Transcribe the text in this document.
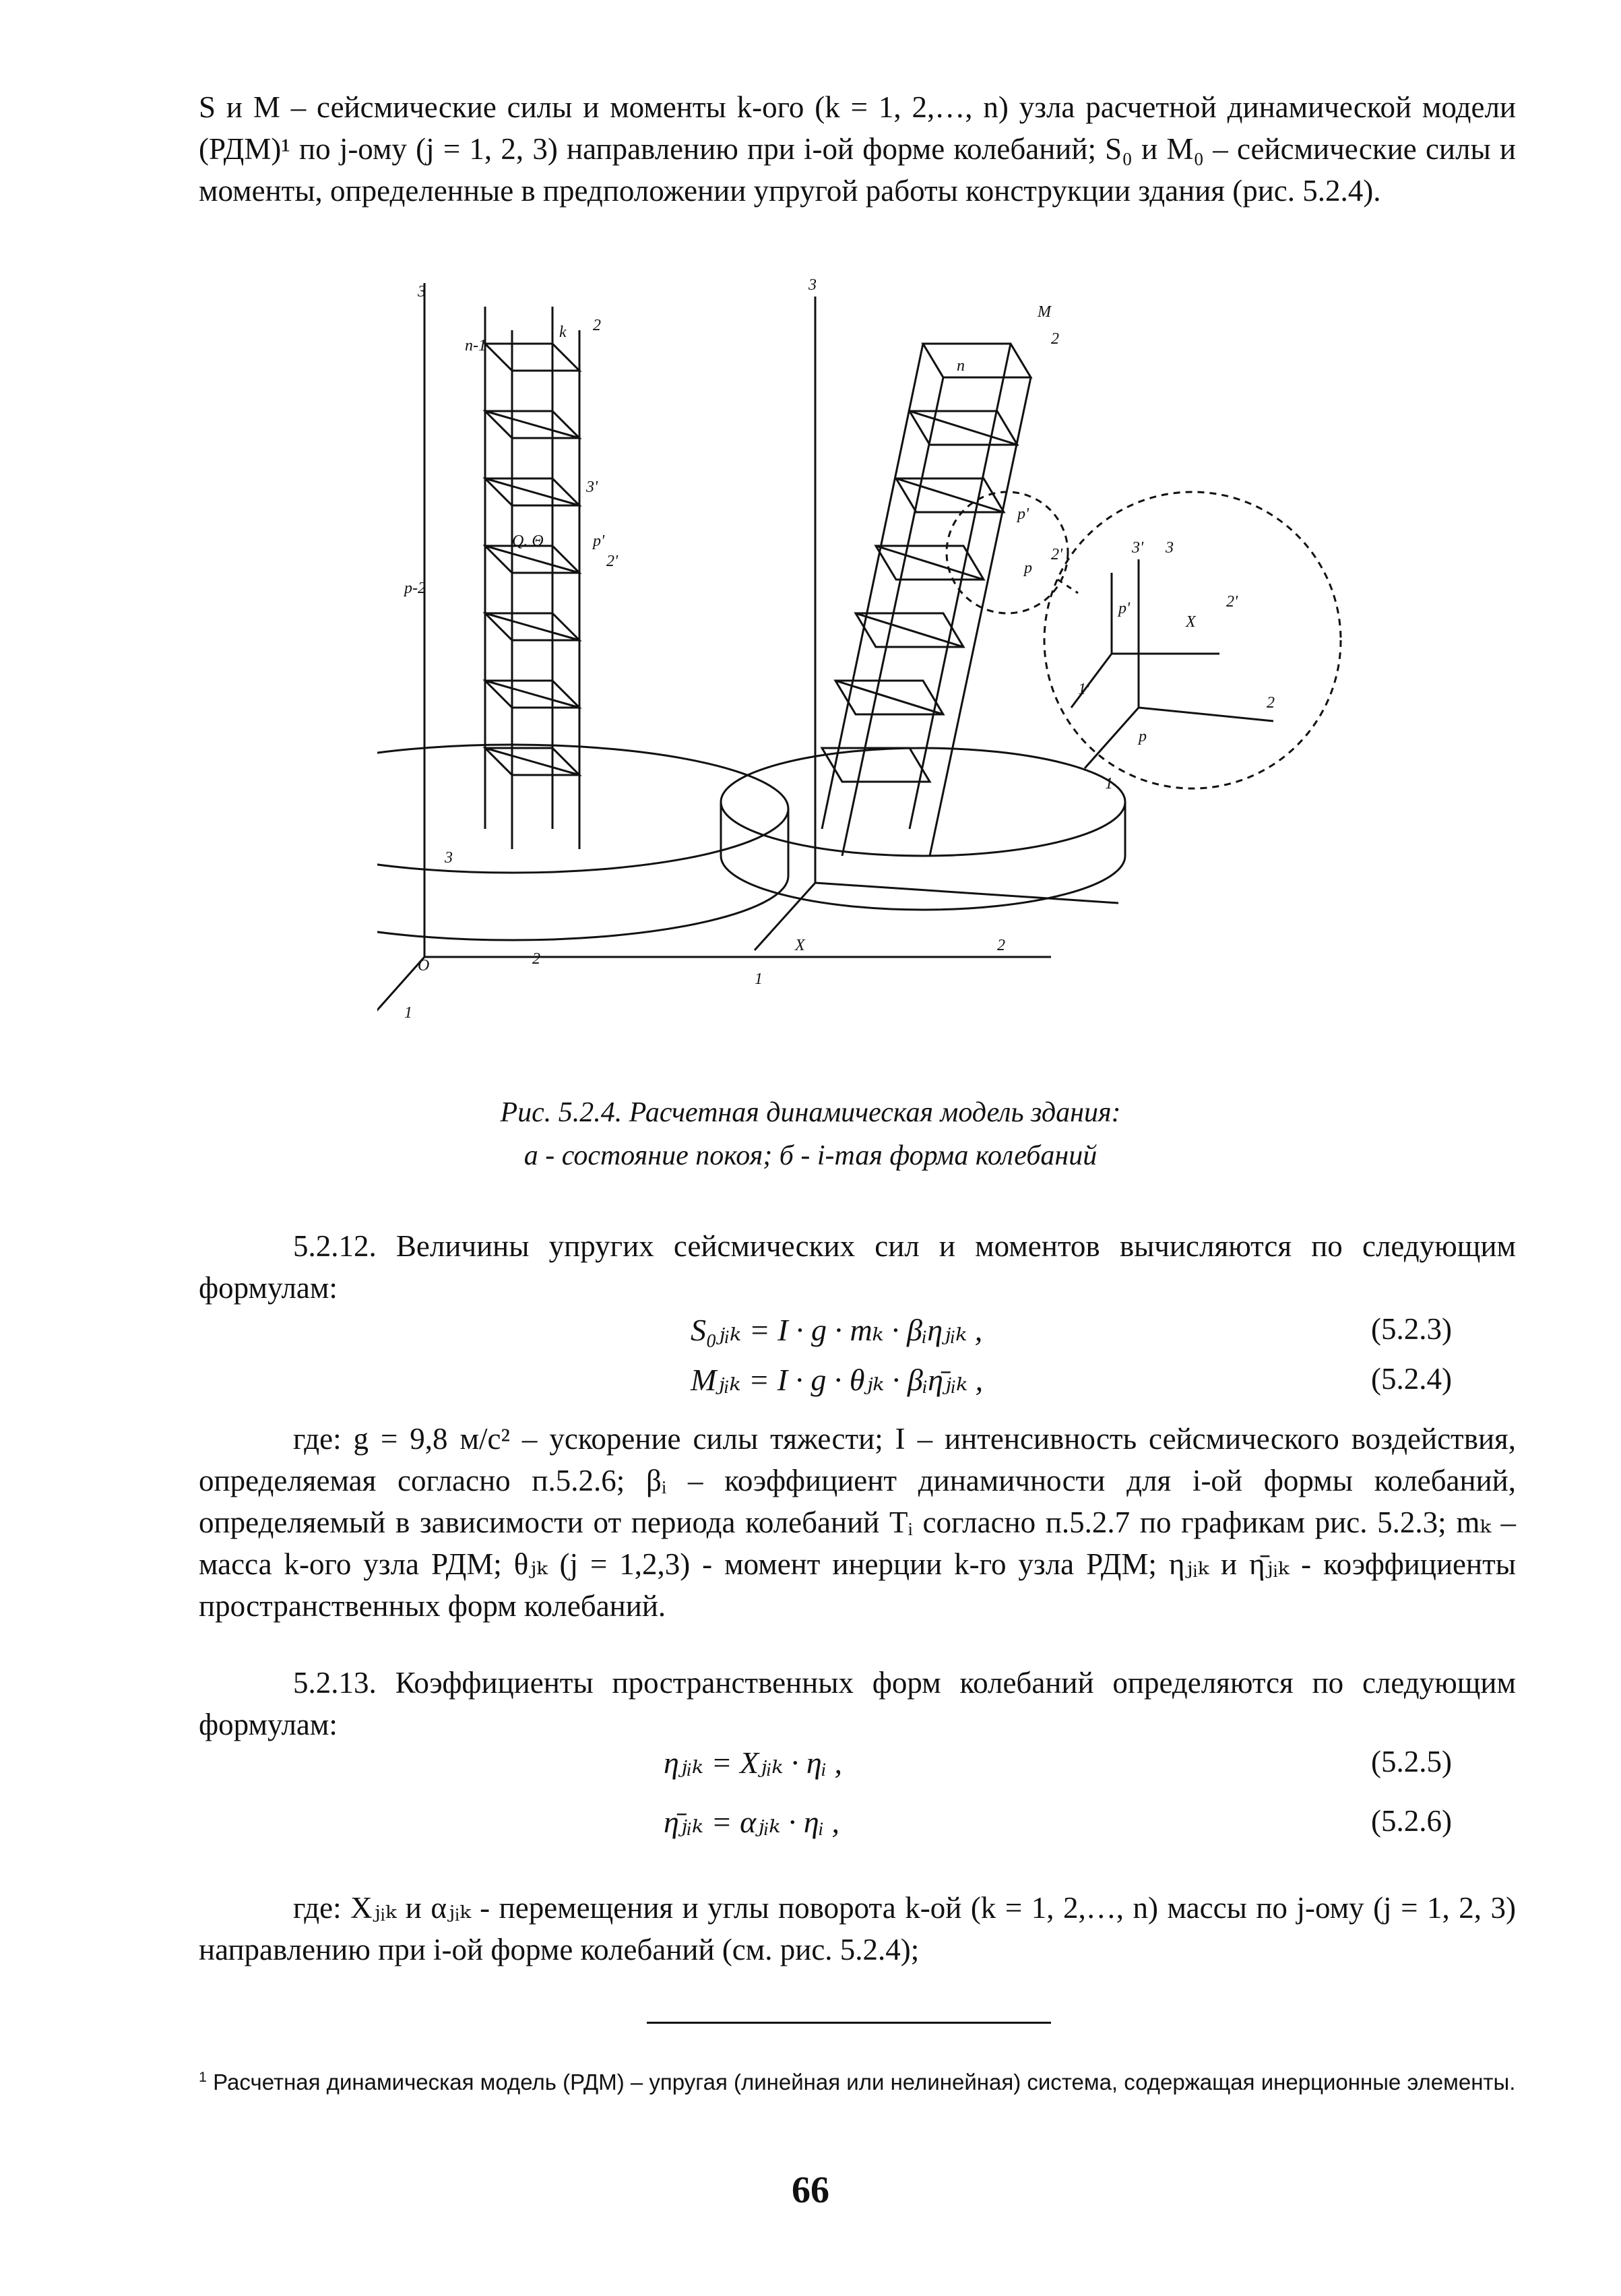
S и M – сейсмические силы и моменты k-ого (k = 1, 2,…, n) узла расчетной динамической модели (РДМ)¹ по j-ому (j = 1, 2, 3) направлению при i-ой форме колебаний; S₀ и M₀ – сейсмические силы и моменты, определенные в предположении упругой работы конструкции здания (рис. 5.2.4).
3
n-1
p-2
k 2
3'
p'
2'
3
2
1
O
Q. Θ
3
M
2
n
p'
2'
p
X
1
2
3' 3
p'	2'
X
p
2
1'
1
Рис. 5.2.4. Расчетная динамическая модель здания:
а - состояние покоя; б - i-тая форма колебаний
5.2.12. Величины упругих сейсмических сил и моментов вычисляются по следующим формулам:
S₀ⱼᵢₖ = I · g · mₖ · βᵢηⱼᵢₖ ,	(5.2.3)
Mⱼᵢₖ = I · g · θⱼₖ · βᵢη̄ⱼᵢₖ ,	(5.2.4)
где: g = 9,8 м/с² – ускорение силы тяжести; I – интенсивность сейсмического воздействия, определяемая согласно п.5.2.6; βᵢ – коэффициент динамичности для i-ой формы колебаний, определяемый в зависимости от периода колебаний Tᵢ согласно п.5.2.7 по графикам рис. 5.2.3; mₖ – масса k-ого узла РДМ; θⱼₖ (j = 1,2,3) - момент инерции k-го узла РДМ; ηⱼᵢₖ и η̄ⱼᵢₖ - коэффициенты пространственных форм колебаний.
5.2.13. Коэффициенты пространственных форм колебаний определяются по следующим формулам:
ηⱼᵢₖ = Xⱼᵢₖ · ηᵢ ,	(5.2.5)
η̄ⱼᵢₖ = αⱼᵢₖ · ηᵢ ,	(5.2.6)
где: Xⱼᵢₖ и αⱼᵢₖ - перемещения и углы поворота k-ой (k = 1, 2,…, n) массы по j-ому (j = 1, 2, 3) направлению при i-ой форме колебаний (см. рис. 5.2.4);
$^1$ Расчетная динамическая модель (РДМ) – упругая (линейная или нелинейная) система, содержащая инерционные элементы.
66
